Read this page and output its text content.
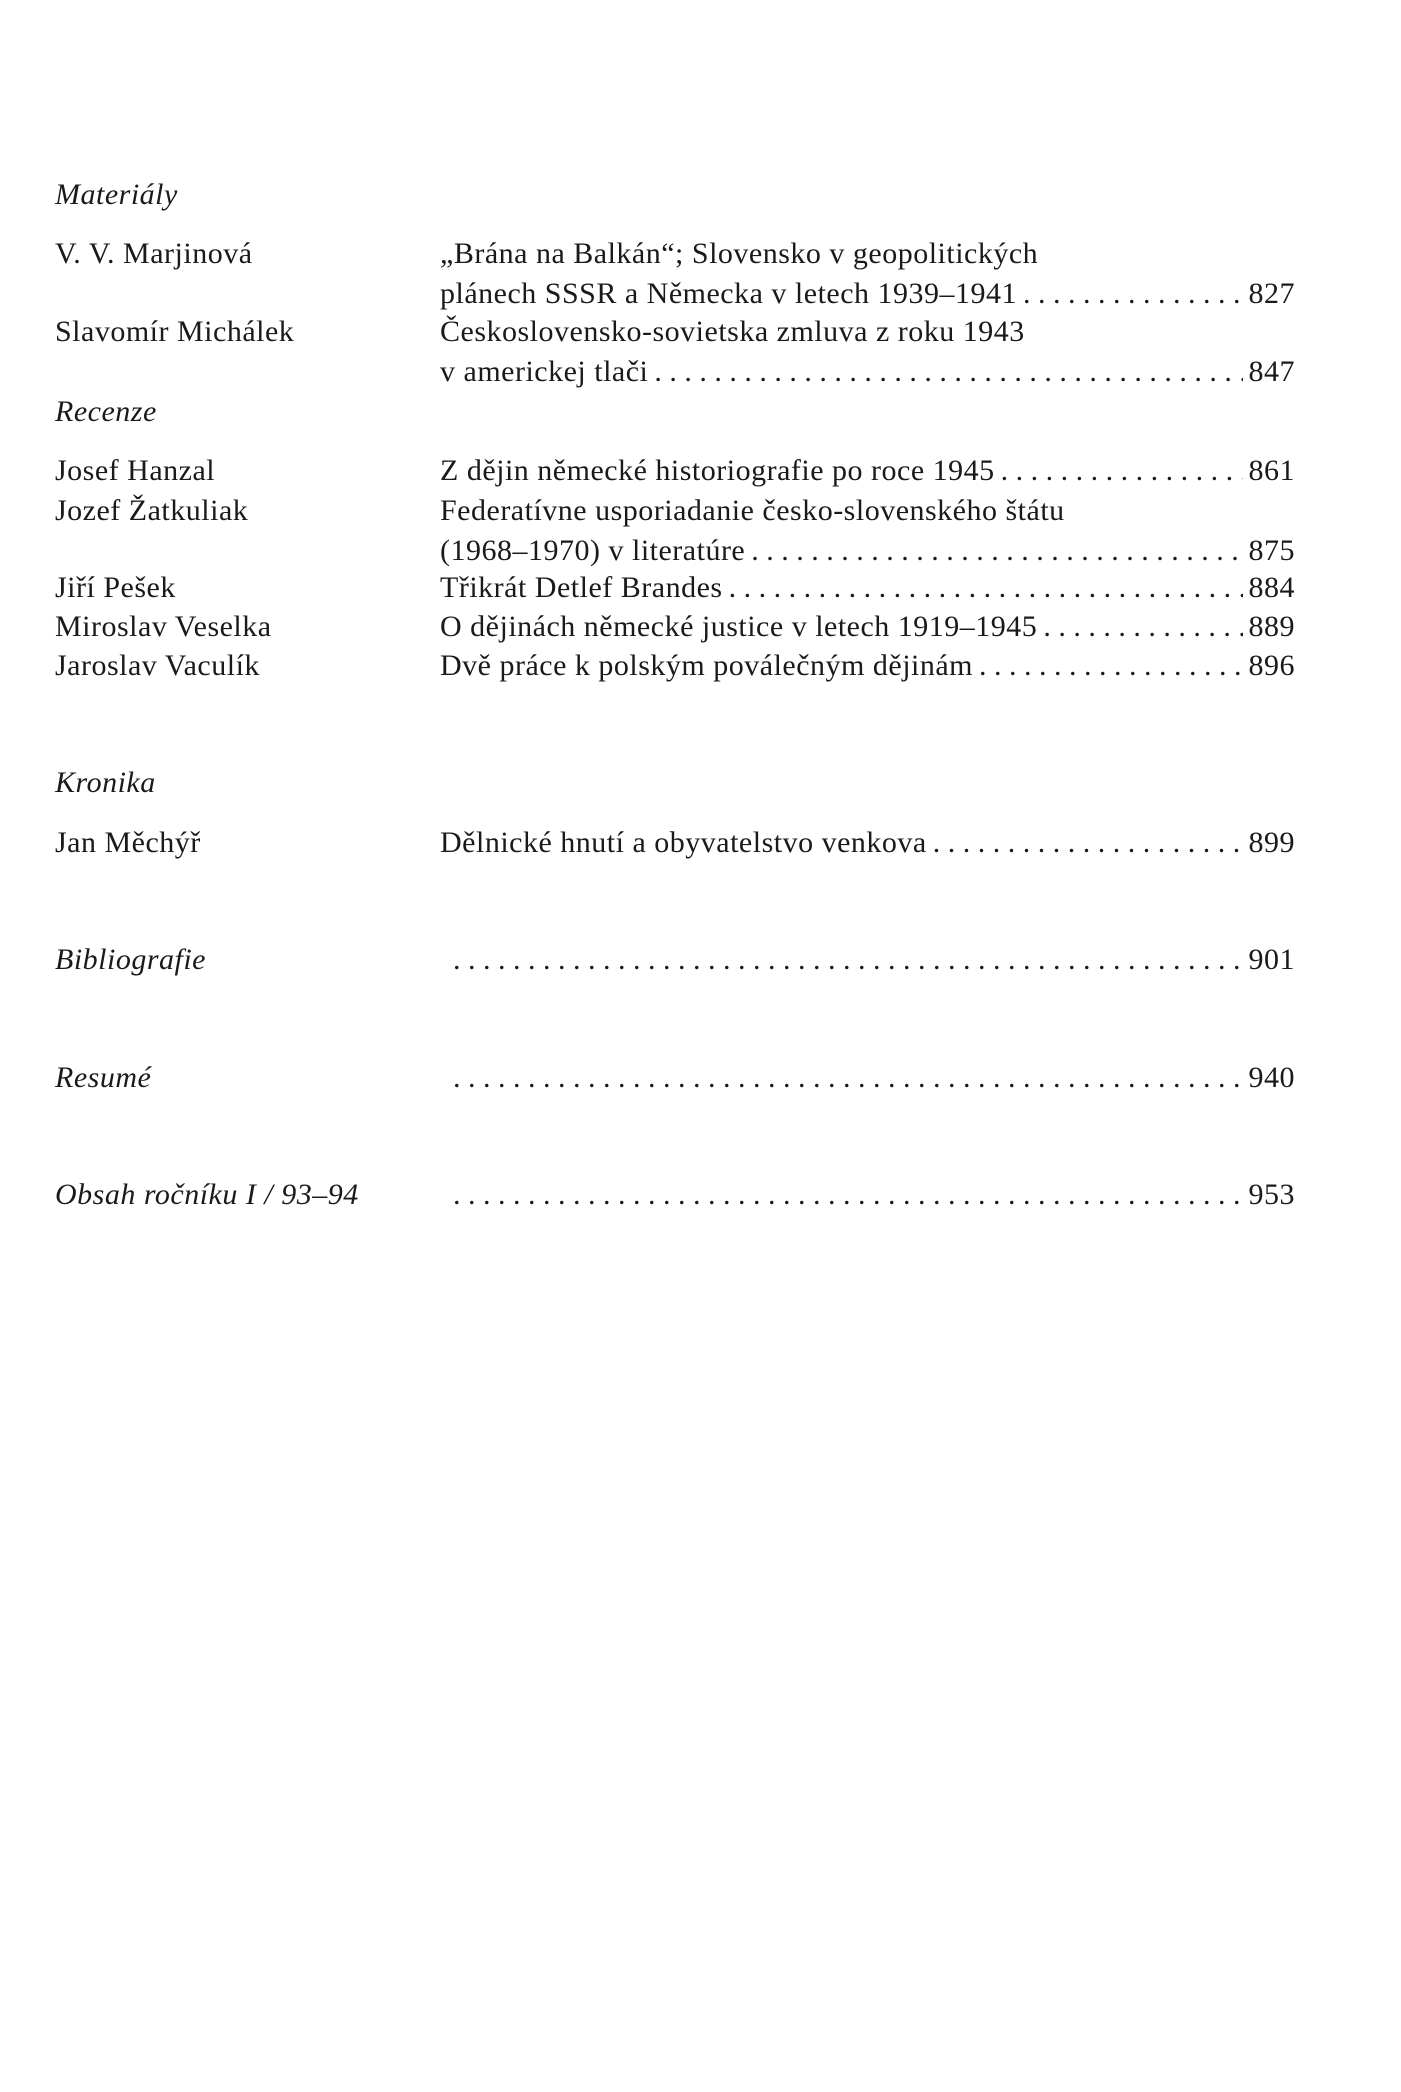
Materiály
V. V. Marjinová	„Brána na Balkán“; Slovensko v geopolitických
plánech SSSR a Německa v letech 1939–1941 . . .	827
Slavomír Michálek	Československo-sovietska zmluva z roku 1943
v americkej tlači . . .	847
Recenze
Josef Hanzal	Z dějin německé historiografie po roce 1945 . . .	861
Jozef Žatkuliak	Federatívne usporiadanie česko-slovenského štátu
(1968–1970) v literatúre . . .	875
Jiří Pešek	Třikrát Detlef Brandes . . .	884
Miroslav Veselka	O dějinách německé justice v letech 1919–1945 . . .	889
Jaroslav Vaculík	Dvě práce k polským poválečným dějinám . . .	896
Kronika
Jan Měchýř	Dělnické hnutí a obyvatelstvo venkova . . .	899
Bibliografie . . .	901
Resumé . . .	940
Obsah ročníku I / 93–94 . . .	953
